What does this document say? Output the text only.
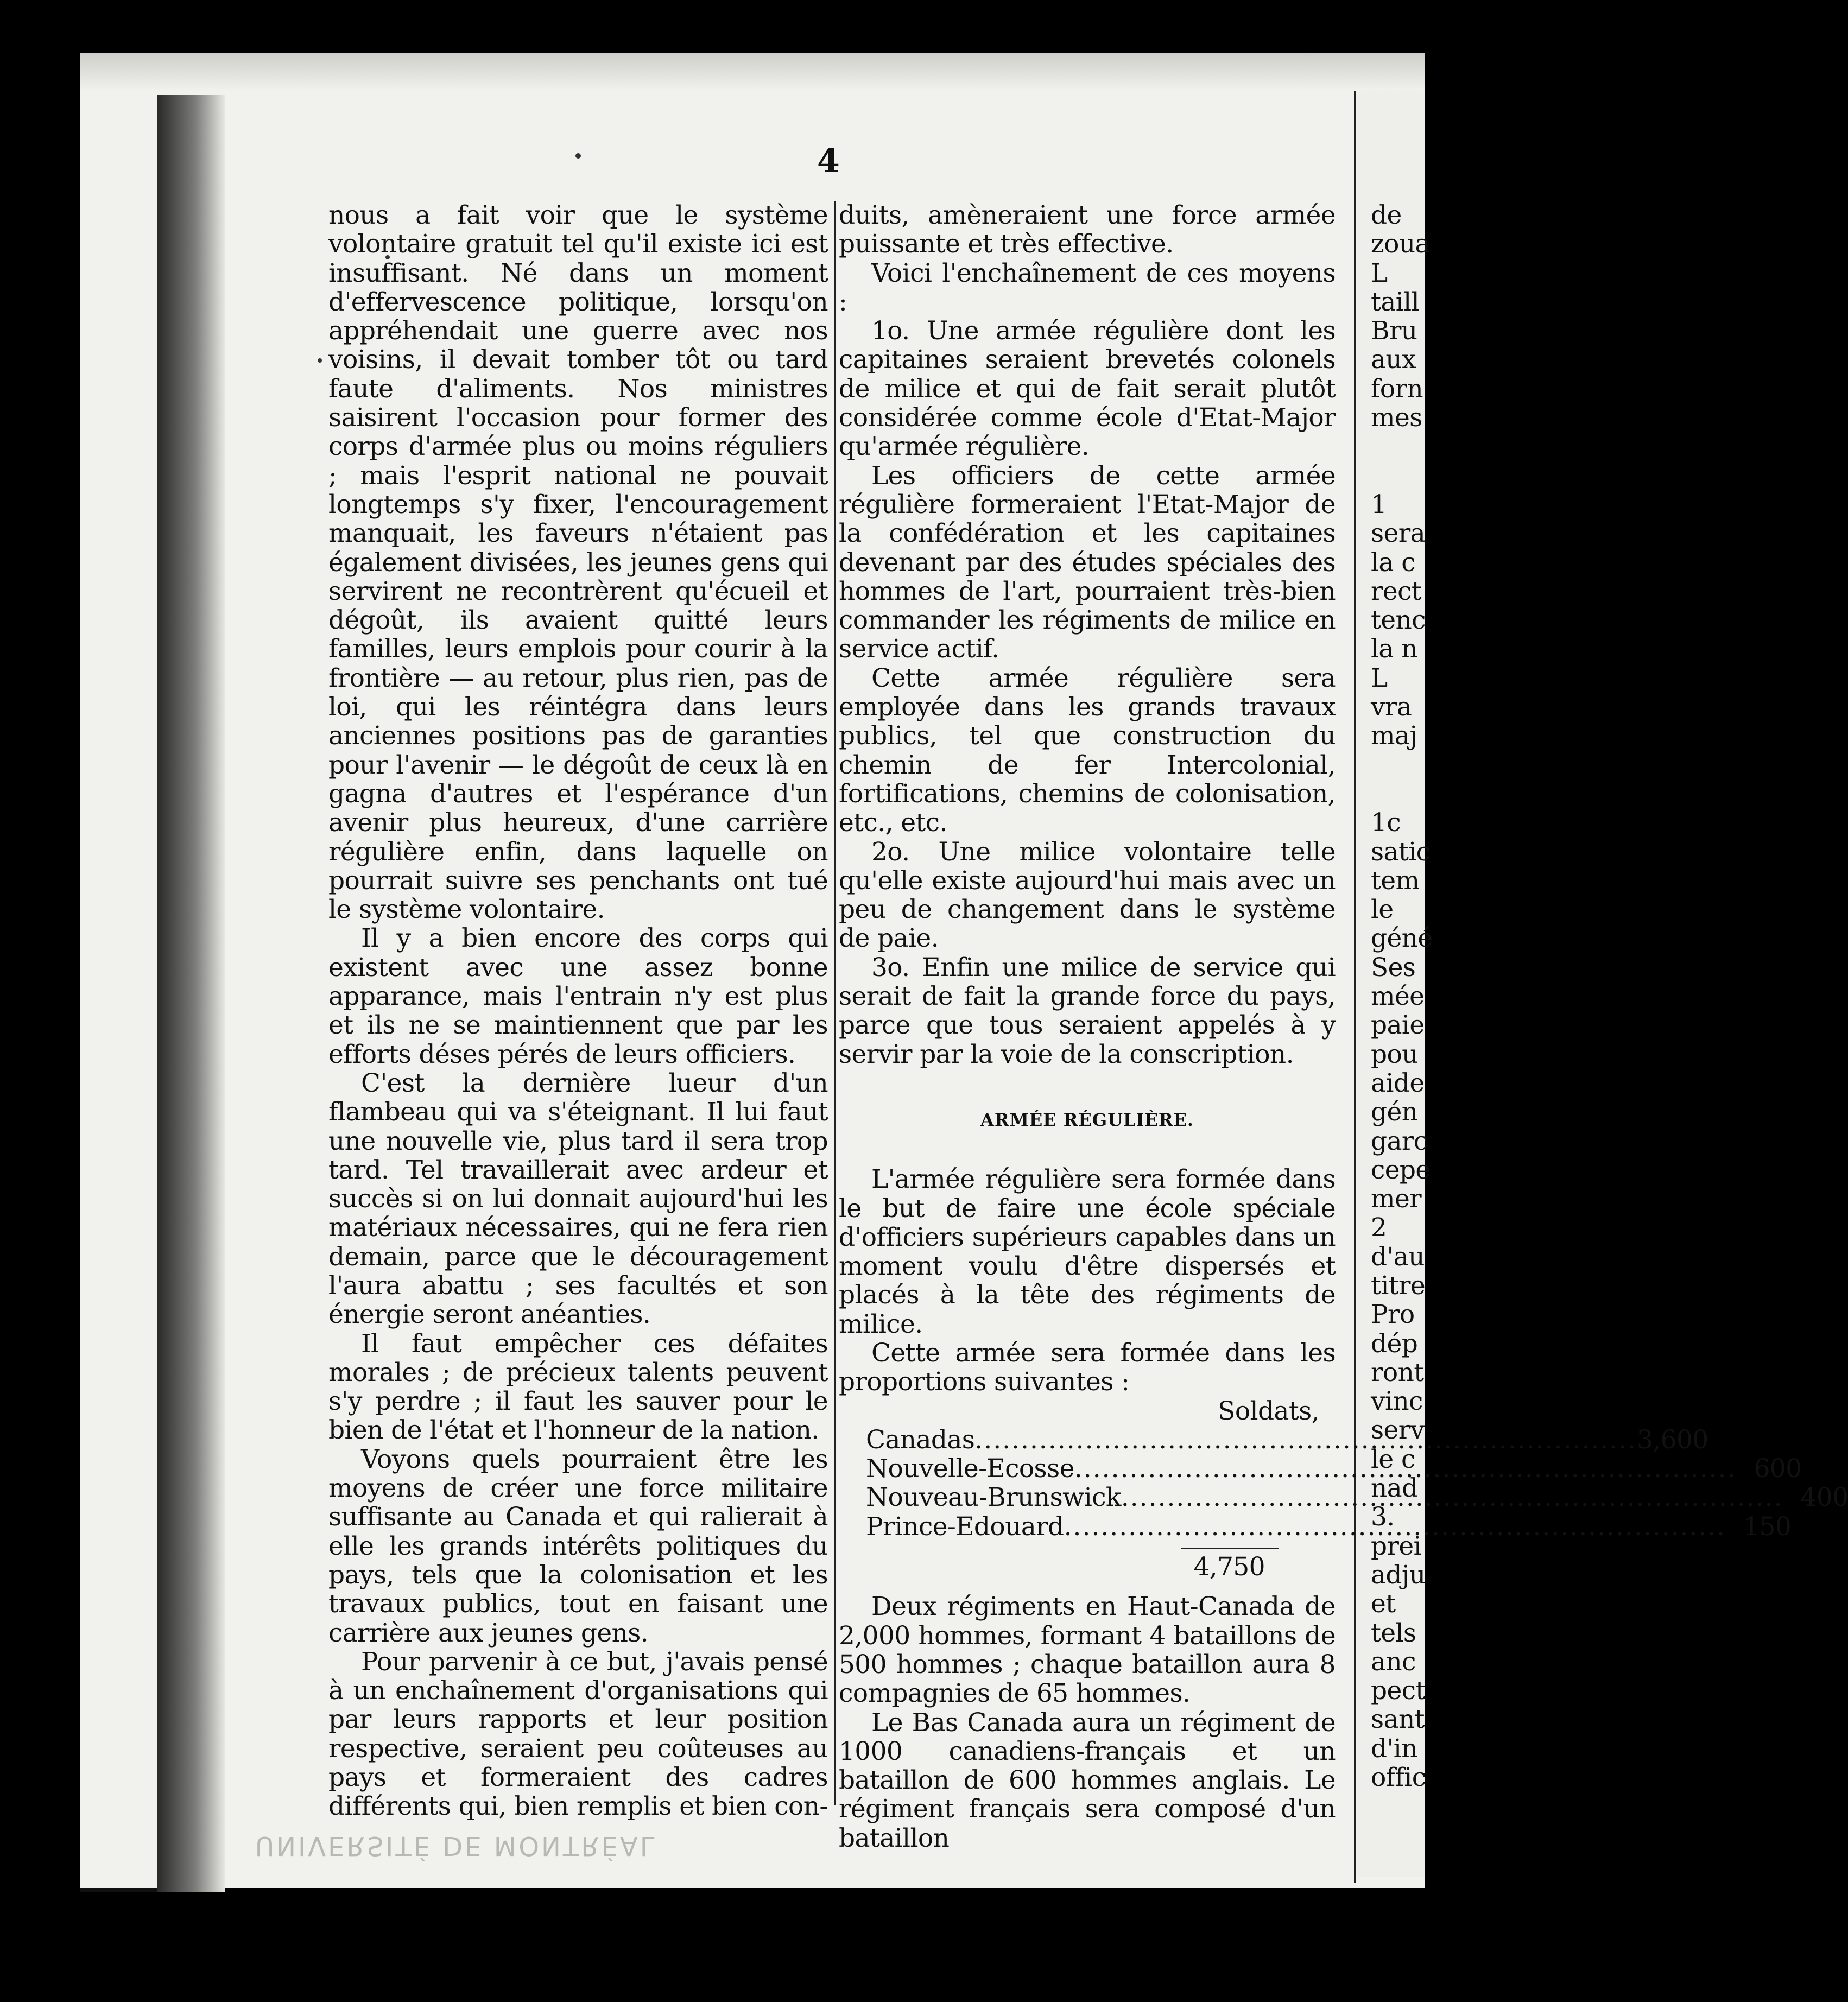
4

nous a fait voir que le système volontaire gratuit tel qu'il existe ici est insuffisant. Né dans un moment d'effervescence politique, lorsqu'on appréhendait une guerre avec nos voisins, il devait tomber tôt ou tard faute d'aliments. Nos ministres saisirent l'occasion pour former des corps d'armée plus ou moins réguliers ; mais l'esprit national ne pouvait longtemps s'y fixer, l'encouragement manquait, les faveurs n'étaient pas également divisées, les jeunes gens qui servirent ne recontrèrent qu'écueil et dégoût, ils avaient quitté leurs familles, leurs emplois pour courir à la frontière — au retour, plus rien, pas de loi, qui les réintégra dans leurs anciennes positions pas de garanties pour l'avenir — le dégoût de ceux là en gagna d'autres et l'espérance d'un avenir plus heureux, d'une carrière régulière enfin, dans laquelle on pourrait suivre ses penchants ont tué le système volontaire.

Il y a bien encore des corps qui existent avec une assez bonne apparance, mais l'entrain n'y est plus et ils ne se maintiennent que par les efforts déses pérés de leurs officiers.

C'est la dernière lueur d'un flambeau qui va s'éteignant. Il lui faut une nouvelle vie, plus tard il sera trop tard. Tel travaillerait avec ardeur et succès si on lui donnait aujourd'hui les matériaux nécessaires, qui ne fera rien demain, parce que le découragement l'aura abattu ; ses facultés et son énergie seront anéanties.

Il faut empêcher ces défaites morales ; de précieux talents peuvent s'y perdre ; il faut les sauver pour le bien de l'état et l'honneur de la nation.

Voyons quels pourraient être les moyens de créer une force militaire suffisante au Canada et qui ralierait à elle les grands intérêts politiques du pays, tels que la colonisation et les travaux publics, tout en faisant une carrière aux jeunes gens.

Pour parvenir à ce but, j'avais pensé à un enchaînement d'organisations qui par leurs rapports et leur position respective, seraient peu coûteuses au pays et formeraient des cadres différents qui, bien remplis et bien con-

duits, amèneraient une force armée puissante et très effective.

Voici l'enchaînement de ces moyens :

1o. Une armée régulière dont les capitaines seraient brevetés colonels de milice et qui de fait serait plutôt considérée comme école d'Etat-Major qu'armée régulière.

Les officiers de cette armée régulière formeraient l'Etat-Major de la confédération et les capitaines devenant par des études spéciales des hommes de l'art, pourraient très-bien commander les régiments de milice en service actif.

Cette armée régulière sera employée dans les grands travaux publics, tel que construction du chemin de fer Intercolonial, fortifications, chemins de colonisation, etc., etc.

2o. Une milice volontaire telle qu'elle existe aujourd'hui mais avec un peu de changement dans le système de paie.

3o. Enfin une milice de service qui serait de fait la grande force du pays, parce que tous seraient appelés à y servir par la voie de la conscription.

ARMÉE RÉGULIÈRE.

L'armée régulière sera formée dans le but de faire une école spéciale d'officiers supérieurs capables dans un moment voulu d'être dispersés et placés à la tête des régiments de milice.

Cette armée sera formée dans les proportions suivantes :

Soldats,
Canadas .....	3,600
Nouvelle-Ecosse .....	600
Nouveau-Brunswick .....	400
Prince-Edouard .....	150
4,750

Deux régiments en Haut-Canada de 2,000 hommes, formant 4 bataillons de 500 hommes ; chaque bataillon aura 8 compagnies de 65 hommes.

Le Bas Canada aura un régiment de 1000 canadiens-français et un bataillon de 600 hommes anglais. Le régiment français sera composé d'un bataillon

de
zoua
L
taill
Bru
aux
forn
mes

1
sera
la c
rect
tenc
la n
L
vra
maj

1c
satic
tem
le
géné
Ses
mée
paie
pou
aide
gén
garc
cepe
mer
2
d'au
titre
Pro
dép
ront
vinc
serv
le c
nad
3.
prei
adju
et
tels
anc
pect
sant
d'in
offic
UNIVERSITÉ DE MONTRÉAL
